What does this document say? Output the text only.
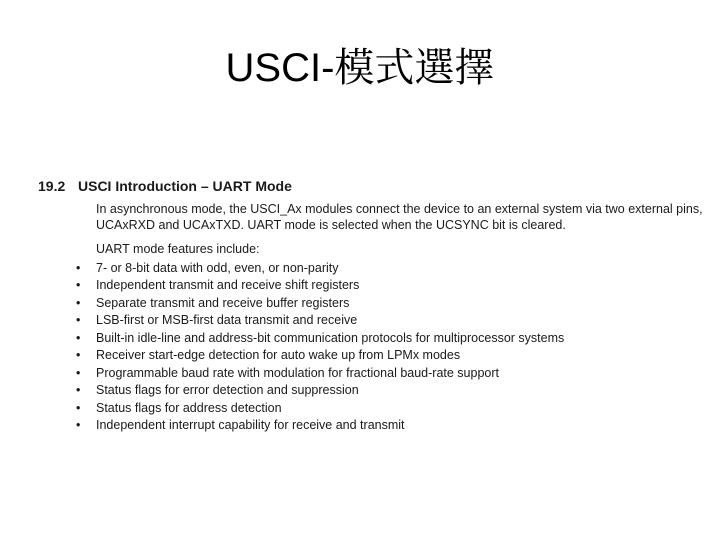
USCI-模式選擇
19.2 USCI Introduction – UART Mode

In asynchronous mode, the USCI_Ax modules connect the device to an external system via two external pins, UCAxRXD and UCAxTXD. UART mode is selected when the UCSYNC bit is cleared.

UART mode features include:

•	7- or 8-bit data with odd, even, or non-parity
•	Independent transmit and receive shift registers
•	Separate transmit and receive buffer registers
•	LSB-first or MSB-first data transmit and receive
•	Built-in idle-line and address-bit communication protocols for multiprocessor systems
•	Receiver start-edge detection for auto wake up from LPMx modes
•	Programmable baud rate with modulation for fractional baud-rate support
•	Status flags for error detection and suppression
•	Status flags for address detection
•	Independent interrupt capability for receive and transmit
